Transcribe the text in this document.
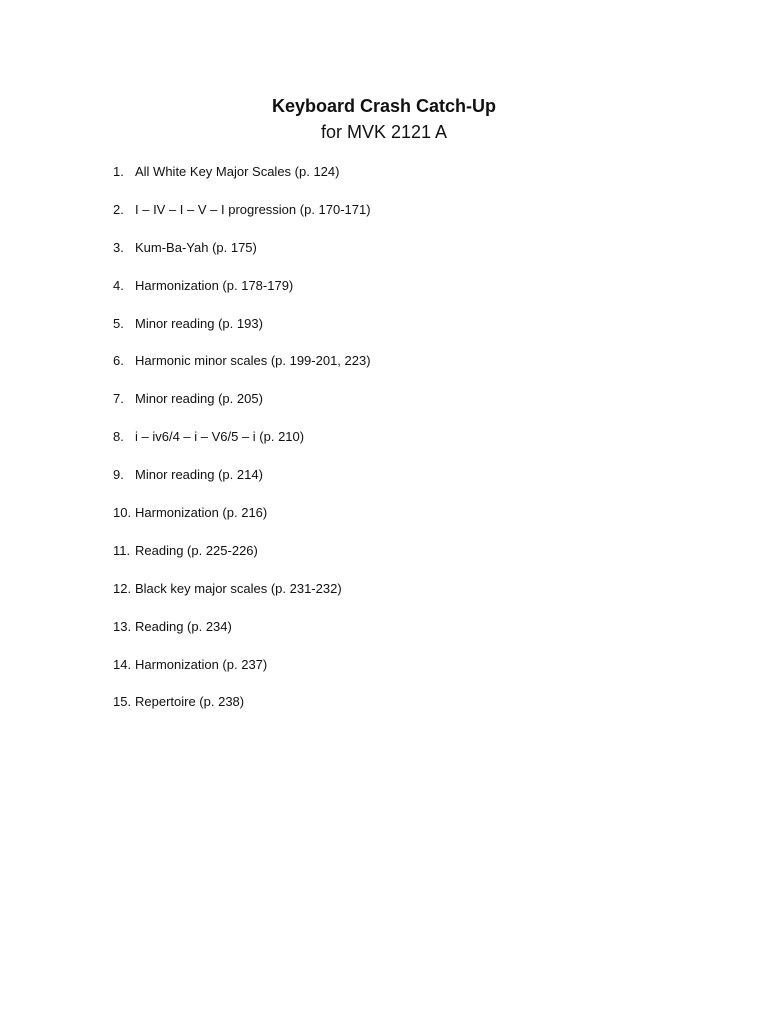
Keyboard Crash Catch-Up
for MVK 2121 A
1. All White Key Major Scales (p. 124)
2. I – IV – I – V – I progression (p. 170-171)
3. Kum-Ba-Yah (p. 175)
4. Harmonization (p. 178-179)
5. Minor reading (p. 193)
6. Harmonic minor scales (p. 199-201, 223)
7. Minor reading (p. 205)
8. i – iv6/4 – i – V6/5 – i (p. 210)
9. Minor reading (p. 214)
10. Harmonization (p. 216)
11. Reading (p. 225-226)
12. Black key major scales (p. 231-232)
13. Reading (p. 234)
14. Harmonization (p. 237)
15. Repertoire (p. 238)
